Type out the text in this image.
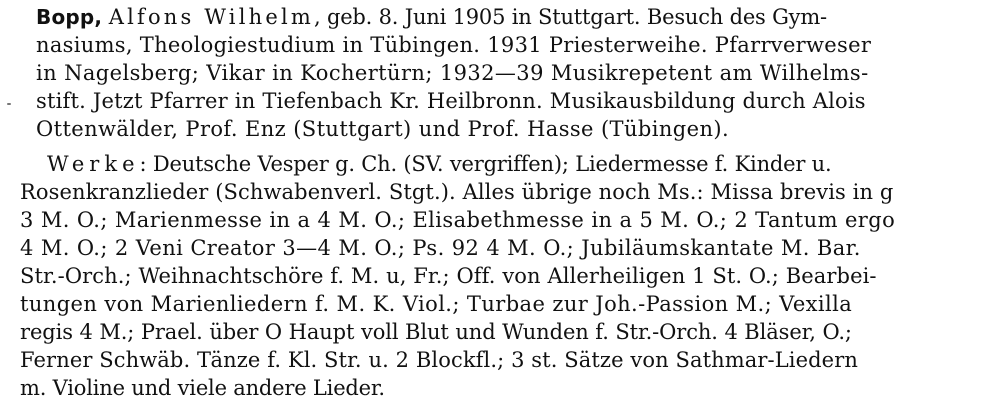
Bopp, Alfons Wilhelm, geb. 8. Juni 1905 in Stuttgart. Besuch des Gym-
nasiums, Theologiestudium in Tübingen. 1931 Priesterweihe. Pfarrverweser
in Nagelsberg; Vikar in Kochertürn; 1932—39 Musikrepetent am Wilhelms-
stift. Jetzt Pfarrer in Tiefenbach Kr. Heilbronn. Musikausbildung durch Alois
Ottenwälder, Prof. Enz (Stuttgart) und Prof. Hasse (Tübingen).
Werke: Deutsche Vesper g. Ch. (SV. vergriffen); Liedermesse f. Kinder u.
Rosenkranzlieder (Schwabenverl. Stgt.). Alles übrige noch Ms.: Missa brevis in g
3 M. O.; Marienmesse in a 4 M. O.; Elisabethmesse in a 5 M. O.; 2 Tantum ergo
4 M. O.; 2 Veni Creator 3—4 M. O.; Ps. 92 4 M. O.; Jubiläumskantate M. Bar.
Str.-Orch.; Weihnachtschöre f. M. u, Fr.; Off. von Allerheiligen 1 St. O.; Bearbei-
tungen von Marienliedern f. M. K. Viol.; Turbae zur Joh.-Passion M.; Vexilla
regis 4 M.; Prael. über O Haupt voll Blut und Wunden f. Str.-Orch. 4 Bläser, O.;
Ferner Schwäb. Tänze f. Kl. Str. u. 2 Blockfl.; 3 st. Sätze von Sathmar-Liedern
m. Violine und viele andere Lieder.
